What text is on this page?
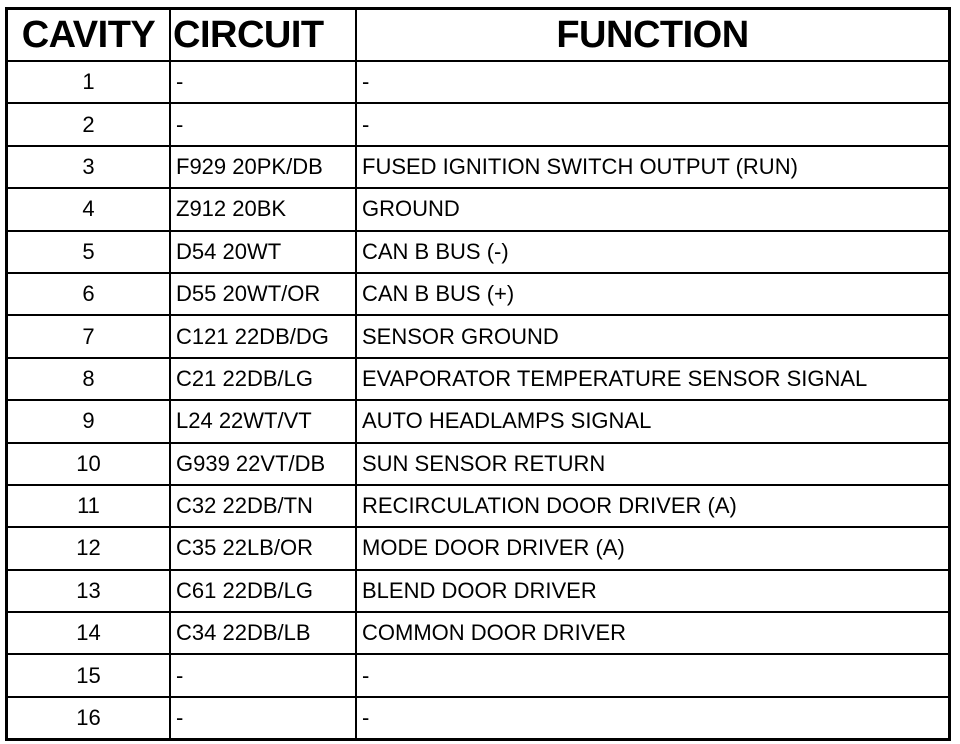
CAVITY	CIRCUIT	FUNCTION
1	-	-
2	-	-
3	F929 20PK/DB	FUSED IGNITION SWITCH OUTPUT (RUN)
4	Z912 20BK	GROUND
5	D54 20WT	CAN B BUS (-)
6	D55 20WT/OR	CAN B BUS (+)
7	C121 22DB/DG	SENSOR GROUND
8	C21 22DB/LG	EVAPORATOR TEMPERATURE SENSOR SIGNAL
9	L24 22WT/VT	AUTO HEADLAMPS SIGNAL
10	G939 22VT/DB	SUN SENSOR RETURN
11	C32 22DB/TN	RECIRCULATION DOOR DRIVER (A)
12	C35 22LB/OR	MODE DOOR DRIVER (A)
13	C61 22DB/LG	BLEND DOOR DRIVER
14	C34 22DB/LB	COMMON DOOR DRIVER
15	-	-
16	-	-
